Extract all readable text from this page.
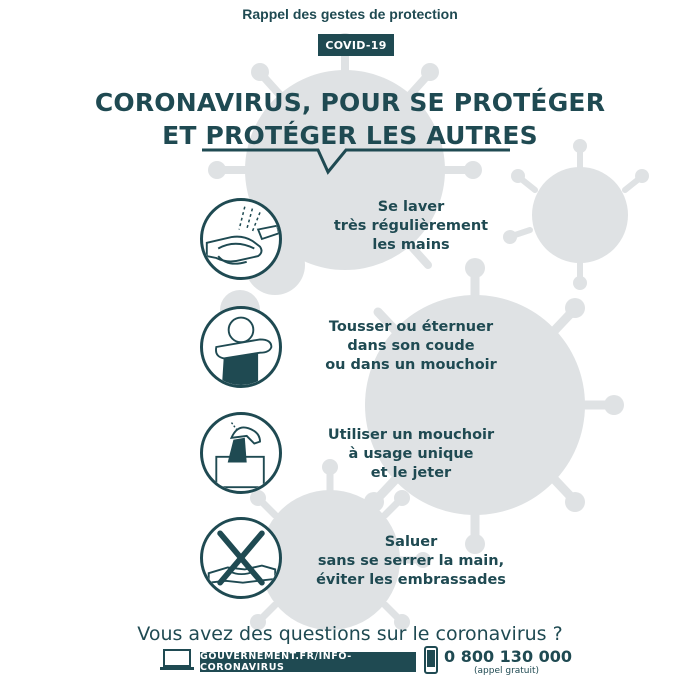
Rappel des gestes de protection
COVID-19
CORONAVIRUS, POUR SE PROTÉGER
ET PROTÉGER LES AUTRES
Se laver
très régulièrement
les mains
Tousser ou éternuer
dans son coude
ou dans un mouchoir
Utiliser un mouchoir
à usage unique
et le jeter
Saluer
sans se serrer la main,
éviter les embrassades
Vous avez des questions sur le coronavirus ?
GOUVERNEMENT.FR/INFO-CORONAVIRUS
0 800 130 000
(appel gratuit)
